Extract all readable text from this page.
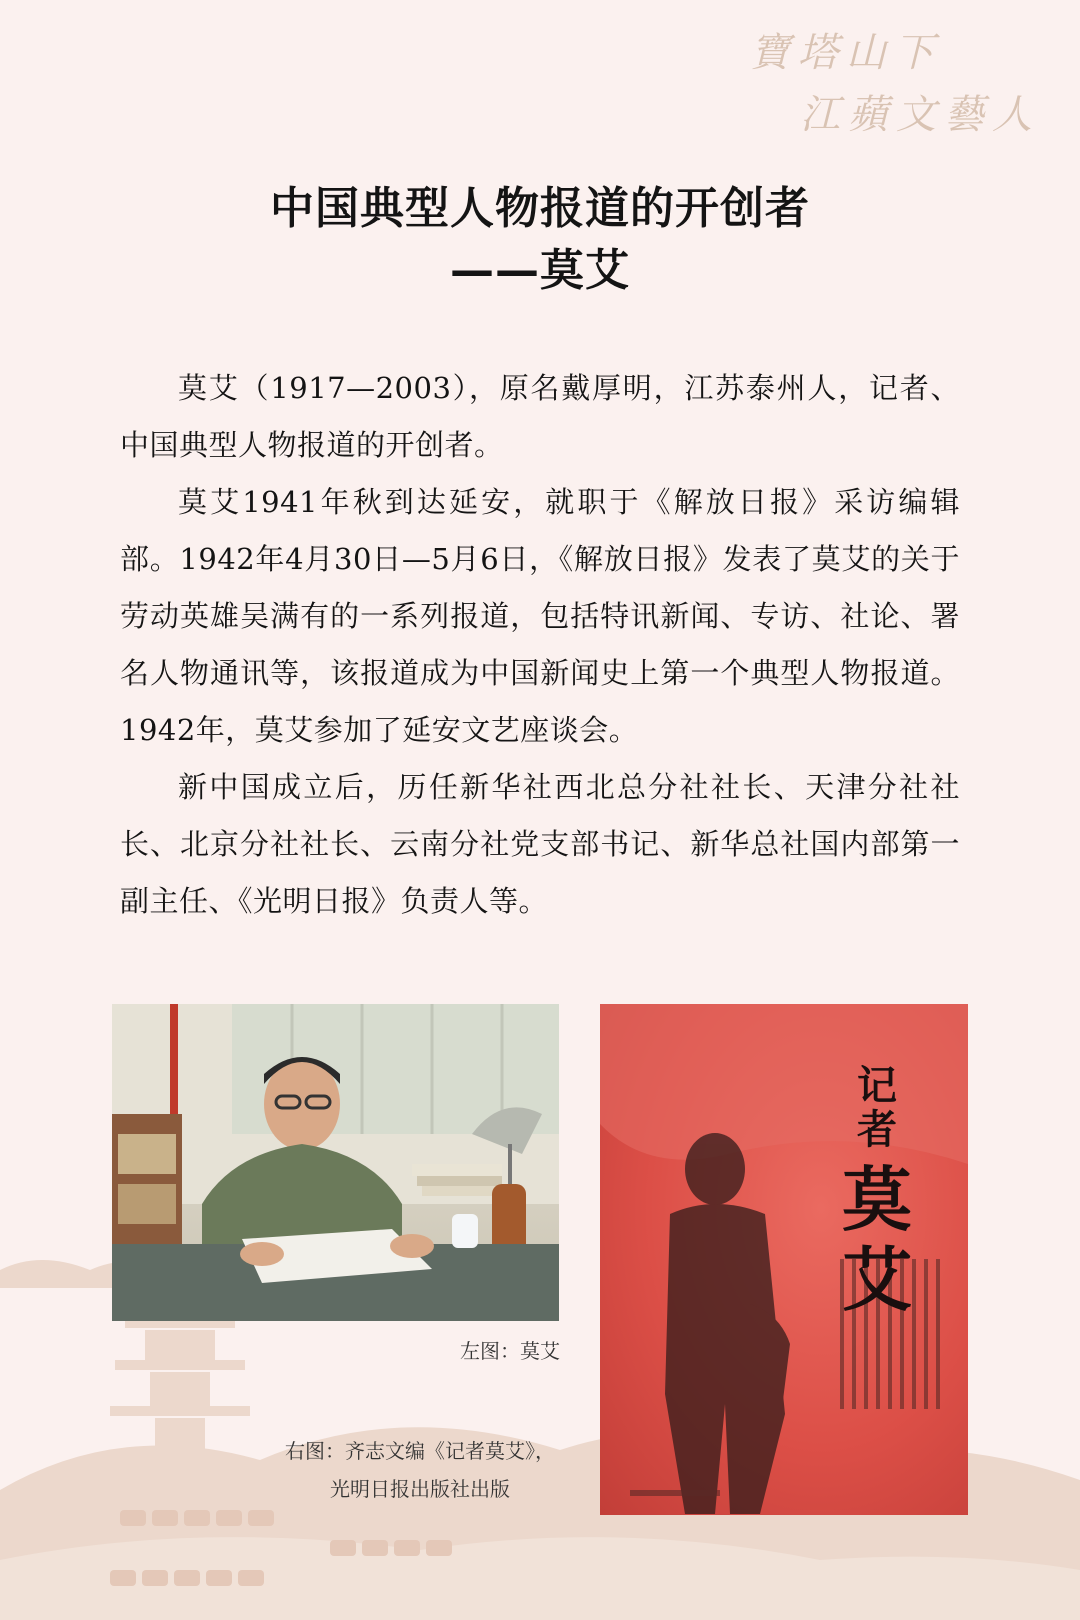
寶塔山下
江蘋文藝人
中国典型人物报道的开创者
——莫艾

莫艾（1917—2003），原名戴厚明，江苏泰州人，记者、中国典型人物报道的开创者。

莫艾1941年秋到达延安，就职于《解放日报》采访编辑部。1942年4月30日—5月6日，《解放日报》发表了莫艾的关于劳动英雄吴满有的一系列报道，包括特讯新闻、专访、社论、署名人物通讯等，该报道成为中国新闻史上第一个典型人物报道。1942年，莫艾参加了延安文艺座谈会。

新中国成立后，历任新华社西北总分社社长、天津分社社长、北京分社社长、云南分社党支部书记、新华总社国内部第一副主任、《光明日报》负责人等。

记者
莫艾
左图：莫艾
右图：齐志文编《记者莫艾》，
光明日报出版社出版
